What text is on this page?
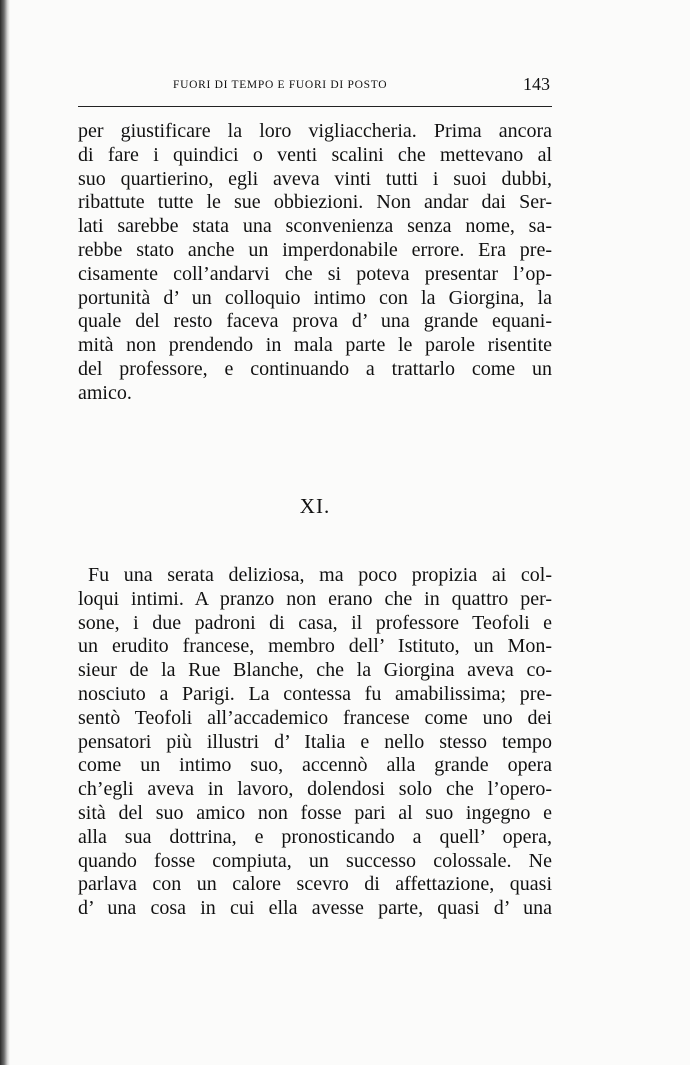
FUORI DI TEMPO E FUORI DI POSTO	143
per giustificare la loro vigliaccheria. Prima ancora
di fare i quindici o venti scalini che mettevano al
suo quartierino, egli aveva vinti tutti i suoi dubbi,
ribattute tutte le sue obbiezioni. Non andar dai Ser-
lati sarebbe stata una sconvenienza senza nome, sa-
rebbe stato anche un imperdonabile errore. Era pre-
cisamente coll’andarvi che si poteva presentar l’op-
portunità d’ un colloquio intimo con la Giorgina, la
quale del resto faceva prova d’ una grande equani-
mità non prendendo in mala parte le parole risentite
del professore, e continuando a trattarlo come un
amico.
XI.
Fu una serata deliziosa, ma poco propizia ai col-
loqui intimi. A pranzo non erano che in quattro per-
sone, i due padroni di casa, il professore Teofoli e
un erudito francese, membro dell’ Istituto, un Mon-
sieur de la Rue Blanche, che la Giorgina aveva co-
nosciuto a Parigi. La contessa fu amabilissima; pre-
sentò Teofoli all’accademico francese come uno dei
pensatori più illustri d’ Italia e nello stesso tempo
come un intimo suo, accennò alla grande opera
ch’egli aveva in lavoro, dolendosi solo che l’opero-
sità del suo amico non fosse pari al suo ingegno e
alla sua dottrina, e pronosticando a quell’ opera,
quando fosse compiuta, un successo colossale. Ne
parlava con un calore scevro di affettazione, quasi
d’ una cosa in cui ella avesse parte, quasi d’ una
